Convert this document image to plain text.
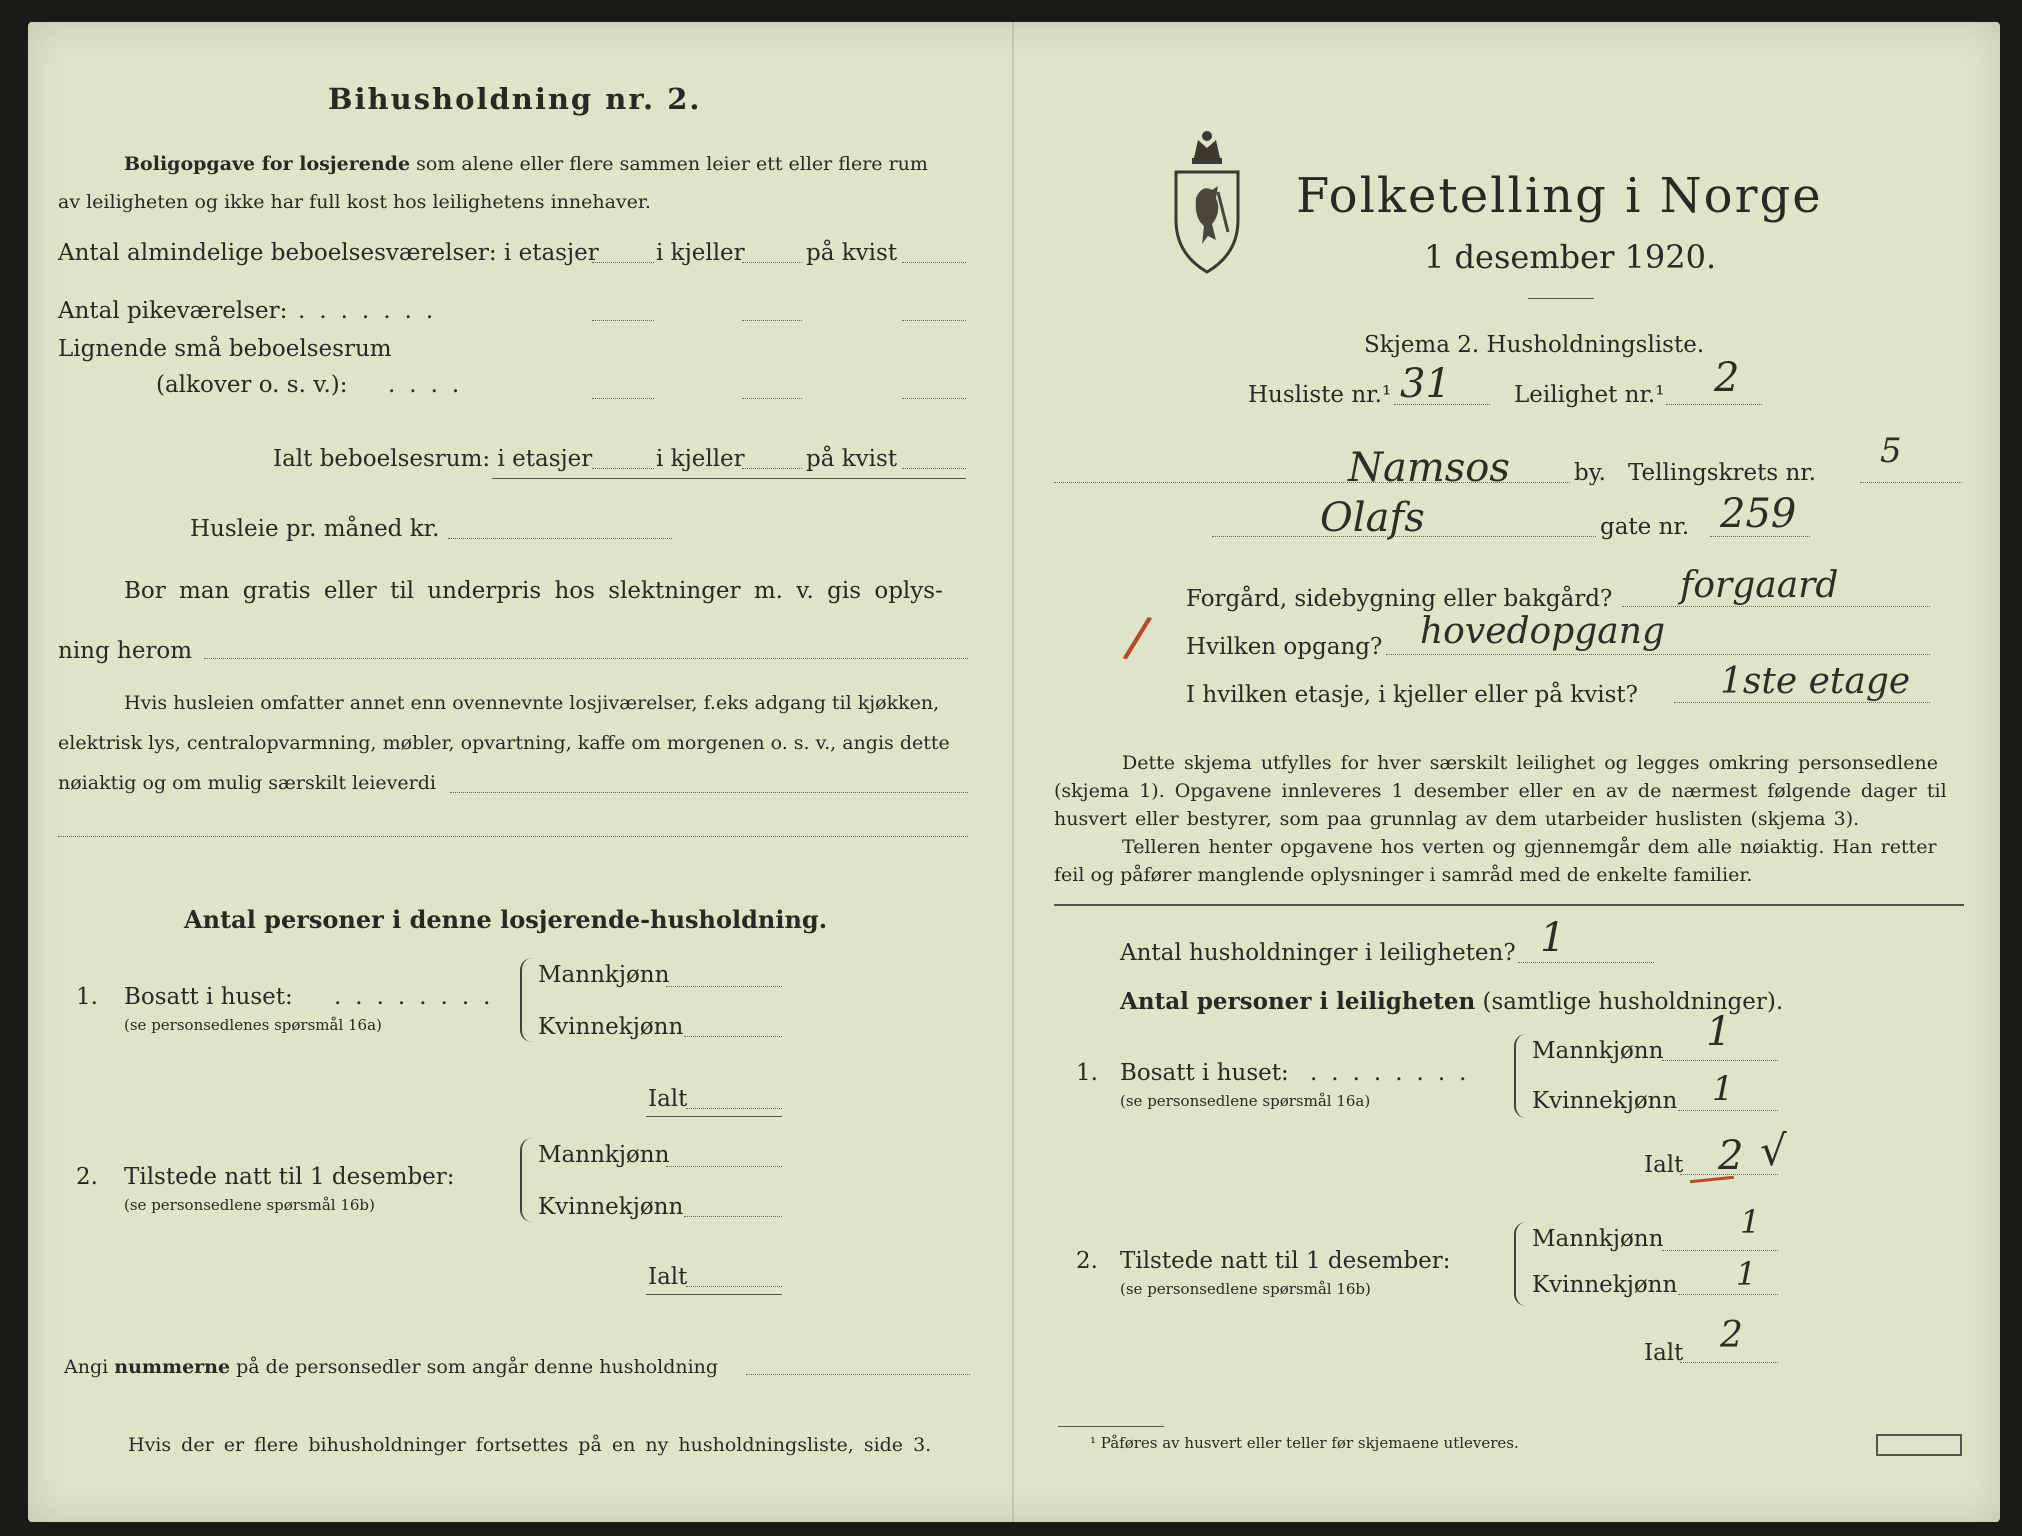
Bihusholdning nr. 2.
Boligopgave for losjerende som alene eller flere sammen leier ett eller flere rum
av leiligheten og ikke har full kost hos leilighetens innehaver.
Antal almindelige beboelsesværelser: i etasjer i kjeller	på kvist
Antal pikeværelser: .......
Lignende små beboelsesrum
(alkover o. s. v.): ....
Ialt beboelsesrum: i etasjer	i kjeller	på kvist
Husleie pr. måned kr.
Bor man gratis eller til underpris hos slektninger m. v. gis oplys-
ning herom
Hvis husleien omfatter annet enn ovennevnte losjiværelser, f.eks adgang til kjøkken,
elektrisk lys, centralopvarmning, møbler, opvartning, kaffe om morgenen o. s. v., angis dette
nøiaktig og om mulig særskilt leieverdi
Antal personer i denne losjerende-husholdning.
1. Bosatt i huset: ........
(se personsedlenes spørsmål 16a)
Mannkjønn
Kvinnekjønn
Ialt
2. Tilstede natt til 1 desember:
(se personsedlene spørsmål 16b)
Mannkjønn
Kvinnekjønn
Ialt
Angi nummerne på de personsedler som angår denne husholdning
Hvis der er flere bihusholdninger fortsettes på en ny husholdningsliste, side 3.
Folketelling i Norge
1 desember 1920.
Skjema 2. Husholdningsliste.
Husliste nr.¹ 31	Leilighet nr.¹ 2
Namsos	by. Tellingskrets nr.
5
Olafs	gate nr. 259
/
Forgård, sidebygning eller bakgård? forgaard
Hvilken opgang? hovedopgang
I hvilken etasje, i kjeller eller på kvist? 1ste etage
Dette skjema utfylles for hver særskilt leilighet og legges omkring personsedlene
(skjema 1). Opgavene innleveres 1 desember eller en av de nærmest følgende dager til
husvert eller bestyrer, som paa grunnlag av dem utarbeider huslisten (skjema 3).
Telleren henter opgavene hos verten og gjennemgår dem alle nøiaktig. Han retter
feil og påfører manglende oplysninger i samråd med de enkelte familier.
Antal husholdninger i leiligheten? 1
Antal personer i leiligheten (samtlige husholdninger).
1. Bosatt i huset: ........
(se personsedlene spørsmål 16a)
Mannkjønn 1
Kvinnekjønn 1
Ialt 2 √
2. Tilstede natt til 1 desember:
(se personsedlene spørsmål 16b)
Mannkjønn 1
Kvinnekjønn 1
Ialt 2
¹ Påføres av husvert eller teller før skjemaene utleveres.
